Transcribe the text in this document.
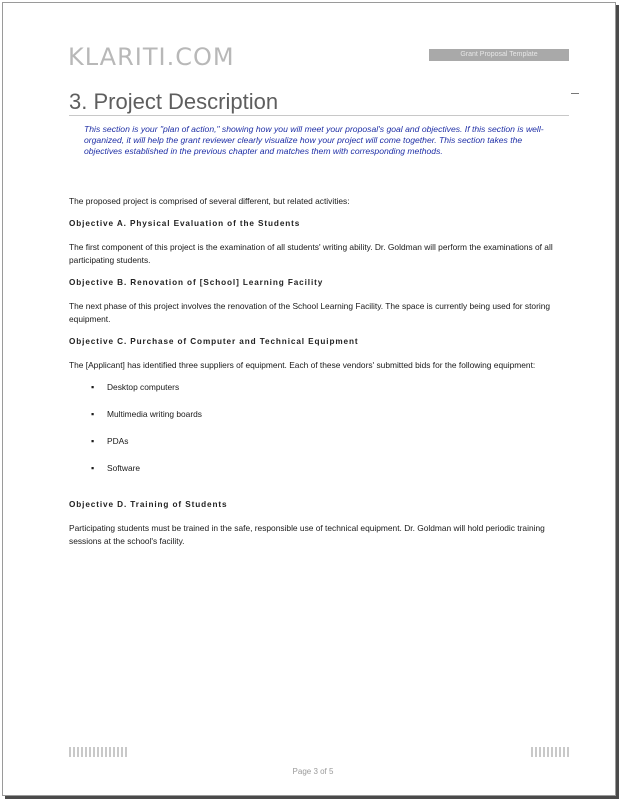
KLARITI.COM	Grant Proposal Template
3. Project Description
This section is your "plan of action," showing how you will meet your proposal's goal and objectives. If this section is well-organized, it will help the grant reviewer clearly visualize how your project will come together. This section takes the objectives established in the previous chapter and matches them with corresponding methods.

The proposed project is comprised of several different, but related activities:

Objective A. Physical Evaluation of the Students

The first component of this project is the examination of all students' writing ability. Dr. Goldman will perform the examinations of all participating students.

Objective B. Renovation of [School] Learning Facility

The next phase of this project involves the renovation of the School Learning Facility. The space is currently being used for storing equipment.

Objective C. Purchase of Computer and Technical Equipment

The [Applicant] has identified three suppliers of equipment. Each of these vendors' submitted bids for the following equipment:

▪ Desktop computers
▪ Multimedia writing boards
▪ PDAs
▪ Software

Objective D. Training of Students

Participating students must be trained in the safe, responsible use of technical equipment. Dr. Goldman will hold periodic training sessions at the school's facility.

Page 3 of 5
